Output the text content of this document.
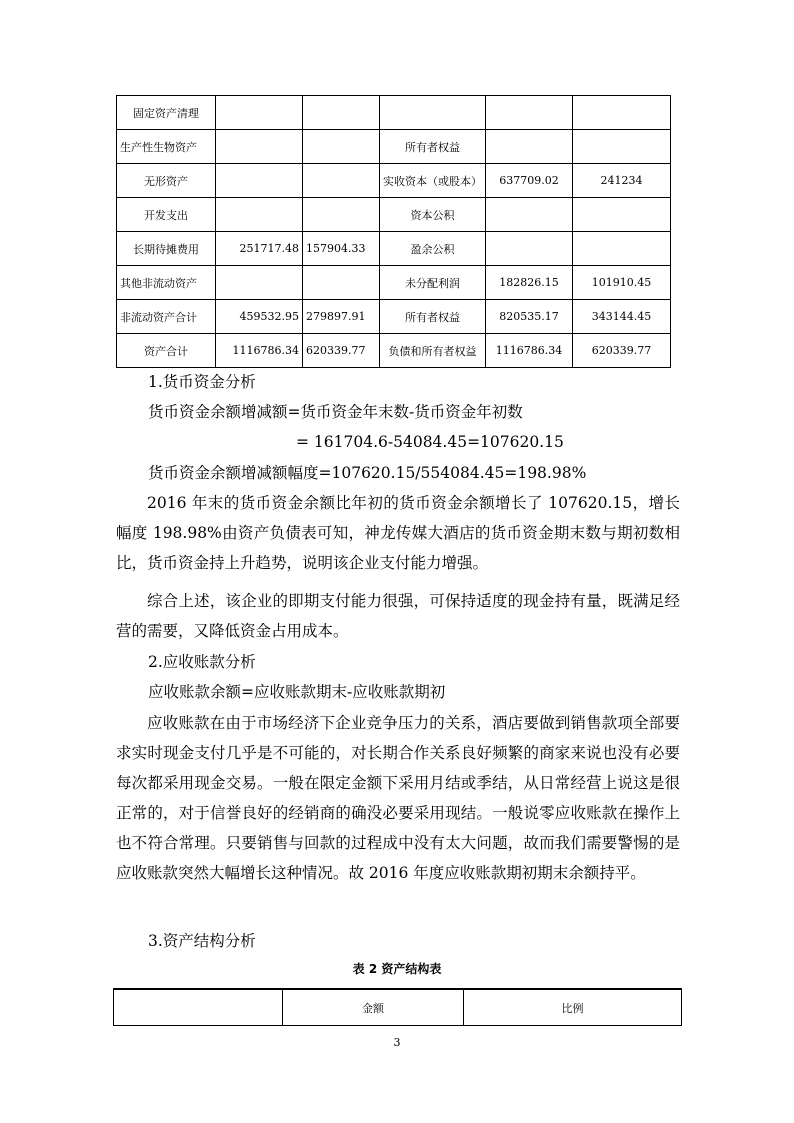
固定资产清理					
生产性生物资产			所有者权益		
无形资产			实收资本（或股本）	637709.02	241234
开发支出			资本公积		
长期待摊费用	251717.48	157904.33	盈余公积		
其他非流动资产			未分配利润	182826.15	101910.45
非流动资产合计	459532.95	279897.91	所有者权益	820535.17	343144.45
资产合计	1116786.34	620339.77	负债和所有者权益	1116786.34	620339.77
1.货币资金分析
货币资金余额增减额=货币资金年末数-货币资金年初数
= 161704.6-54084.45=107620.15
货币资金余额增减额幅度=107620.15/554084.45=198.98%

2016 年末的货币资金余额比年初的货币资金余额增长了 107620.15，增长幅度 198.98%由资产负债表可知，神龙传媒大酒店的货币资金期末数与期初数相比，货币资金持上升趋势，说明该企业支付能力增强。

综合上述，该企业的即期支付能力很强，可保持适度的现金持有量，既满足经营的需要，又降低资金占用成本。

2.应收账款分析
应收账款余额=应收账款期末-应收账款期初

应收账款在由于市场经济下企业竞争压力的关系，酒店要做到销售款项全部要求实时现金支付几乎是不可能的，对长期合作关系良好频繁的商家来说也没有必要每次都采用现金交易。一般在限定金额下采用月结或季结，从日常经营上说这是很正常的，对于信誉良好的经销商的确没必要采用现结。一般说零应收账款在操作上也不符合常理。只要销售与回款的过程成中没有太大问题，故而我们需要警惕的是应收账款突然大幅增长这种情况。故 2016 年度应收账款期初期末余额持平。

3.资产结构分析
表 2 资产结构表
	金额	比例
3
